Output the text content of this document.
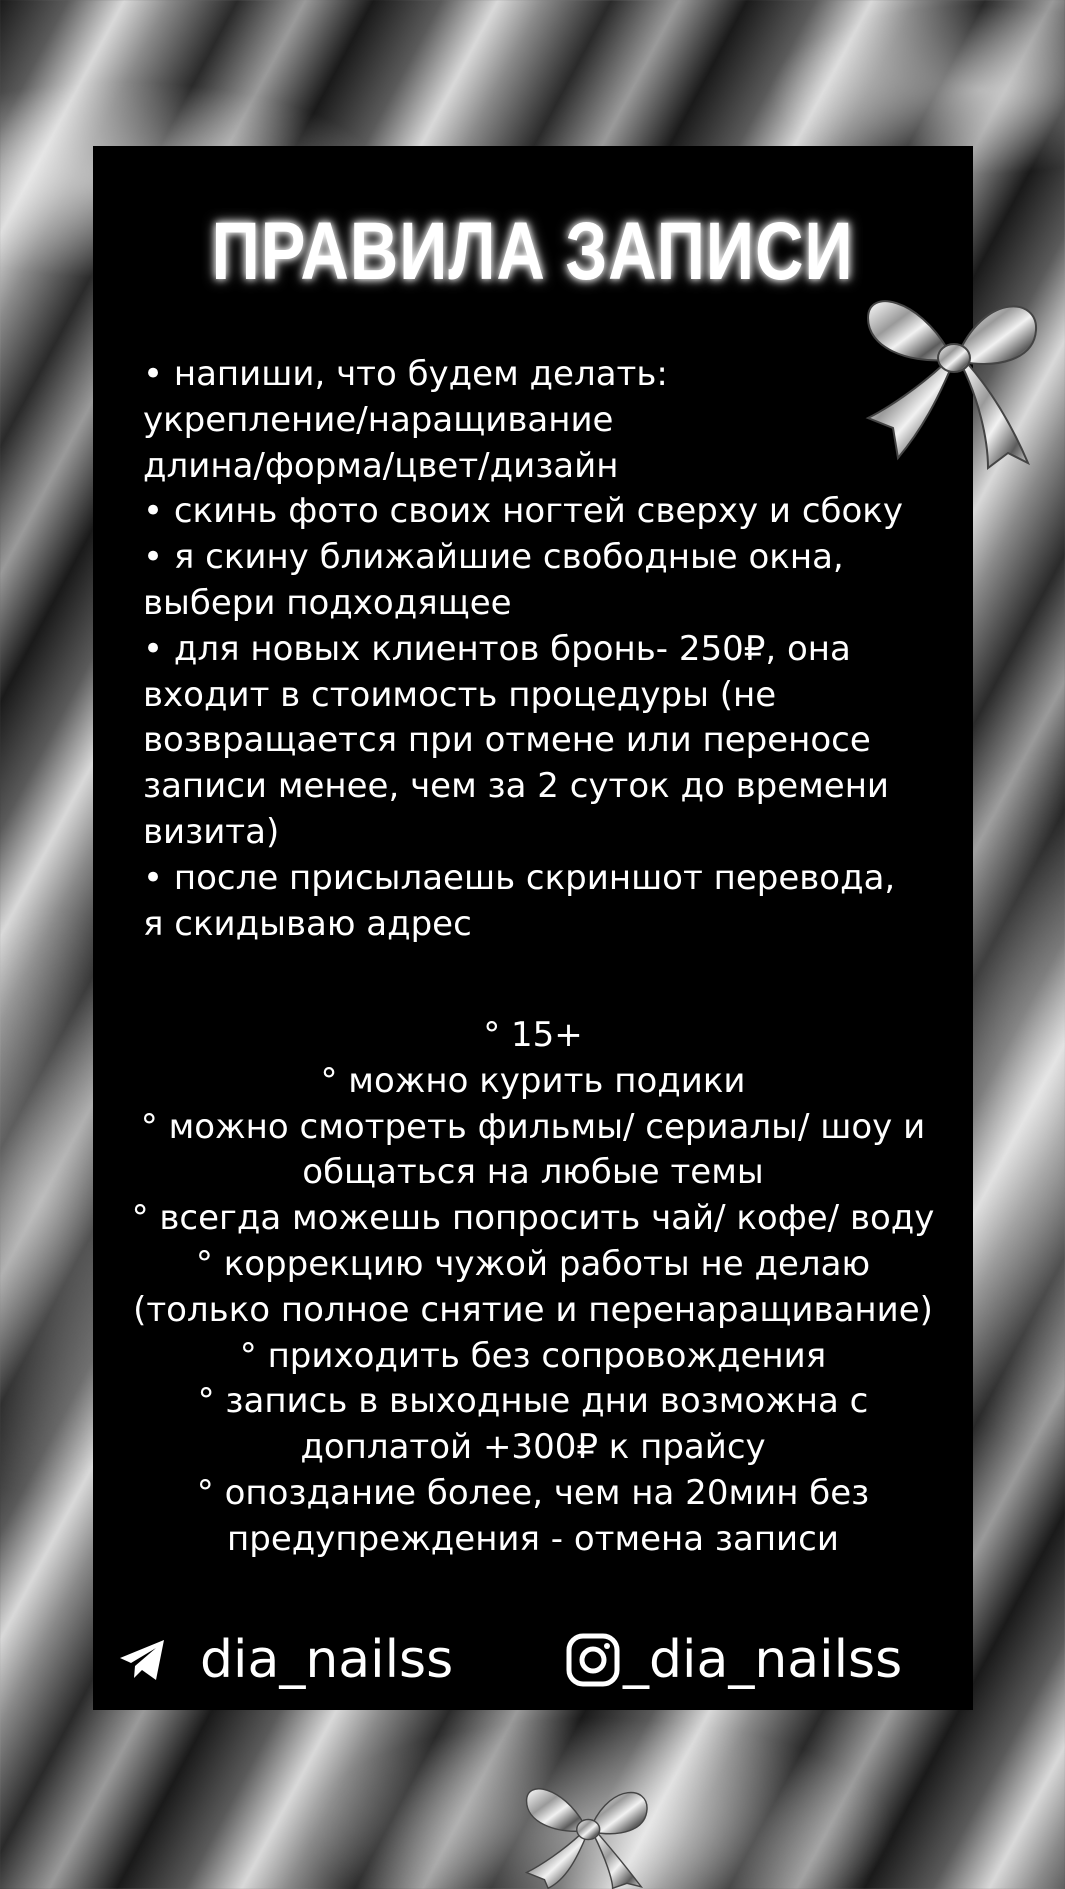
ПРАВИЛА ЗАПИСИ

• напиши, что будем делать:

укрепление/наращивание

длина/форма/цвет/дизайн

• скинь фото своих ногтей сверху и сбоку

• я скину ближайшие свободные окна,

выбери подходящее

• для новых клиентов бронь- 250₽, она

входит в стоимость процедуры (не

возвращается при отмене или переносе

записи менее, чем за 2 суток до времени

визита)

• после присылаешь скриншот перевода,

я скидываю адрес

° 15+

° можно курить подики

° можно смотреть фильмы/ сериалы/ шоу и

общаться на любые темы

° всегда можешь попросить чай/ кофе/ воду

° коррекцию чужой работы не делаю

(только полное снятие и перенаращивание)

° приходить без сопровождения

° запись в выходные дни возможна с

доплатой +300₽ к прайсу

° опоздание более, чем на 20мин без

предупреждения - отмена записи

dia_nailss	_dia_nailss
